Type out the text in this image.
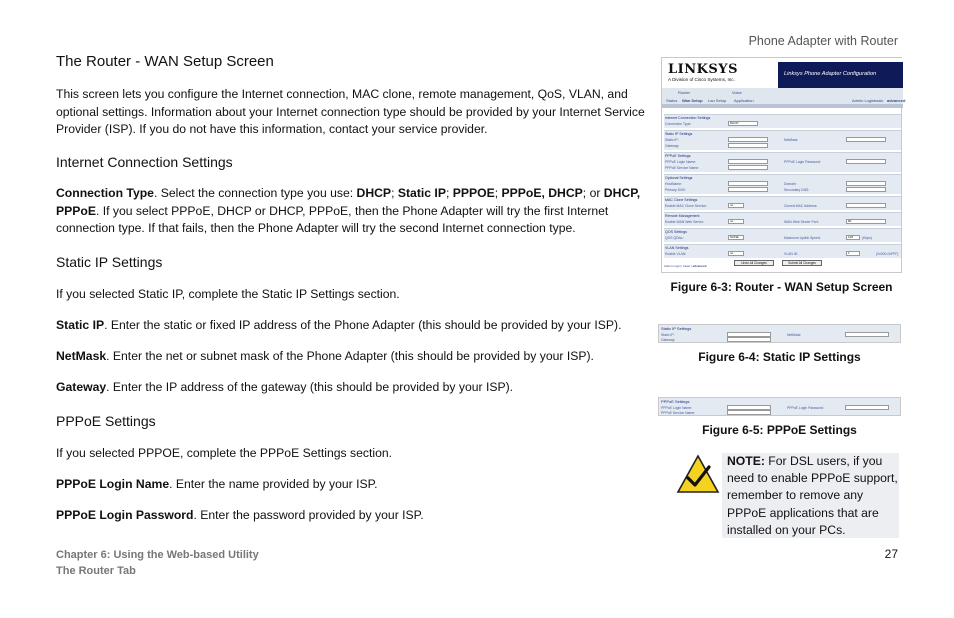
Phone Adapter with Router
The Router - WAN Setup Screen
This screen lets you configure the Internet connection, MAC clone, remote management, QoS, VLAN, and optional settings. Information about your Internet connection type should be provided by your Internet Service Provider (ISP). If you do not have this information, contact your service provider.
Internet Connection Settings
Connection Type. Select the connection type you use: DHCP; Static IP; PPPOE; PPPoE, DHCP; or DHCP, PPPoE. If you select PPPoE, DHCP or DHCP, PPPoE, then the Phone Adapter will try the first Internet connection type. If that fails, then the Phone Adapter will try the second Internet connection type.
Static IP Settings
If you selected Static IP, complete the Static IP Settings section.
Static IP. Enter the static or fixed IP address of the Phone Adapter (this should be provided by your ISP).
NetMask. Enter the net or subnet mask of the Phone Adapter (this should be provided by your ISP).
Gateway. Enter the IP address of the gateway (this should be provided by your ISP).
PPPoE Settings
If you selected PPPOE, complete the PPPoE Settings section.
PPPoE Login Name. Enter the name provided by your ISP.
PPPoE Login Password. Enter the password provided by your ISP.
LINKSYS
A Division of Cisco Systems, Inc.
Linksys Phone Adapter Configuration
Router	Voice
Status Wan Setup Lan Setup Application	Admin Login basic advanced
Internet Connection Settings
Connection Type:	DHCP
Static IP Settings
Static IP:	NetMask:
Gateway:
PPPoE Settings
PPPoE Login Name:	PPPoE Login Password:
PPPoE Service Name:
Optional Settings
HostName:	Domain:
Primary DNS:	Secondary DNS:
MAC Clone Settings
Enable MAC Clone Service:	Cloned MAC Address:
no
Remote Management
Enable WAN Web Server:	WAN Web Server Port:
no	80
QOS Settings
QOS QDisc:	Maximum Uplink Speed:
NONE	128	(Kbps)
VLAN Settings
Enable VLAN:	VLAN ID:
no	1	(0x000-0xFFF)
Undo All Changes	Submit All Changes
Admin Login | basic | advanced
Figure 6-3: Router - WAN Setup Screen
Static IP Settings
Static IP:	NetMask:
Gateway:
Figure 6-4: Static IP Settings
PPPoE Settings
PPPoE Login Name:	PPPoE Login Password:
PPPoE Service Name:
Figure 6-5: PPPoE Settings
NOTE: For DSL users, if you need to enable PPPoE support, remember to remove any PPPoE applications that are installed on your PCs.
Chapter 6: Using the Web-based Utility
The Router Tab
27
